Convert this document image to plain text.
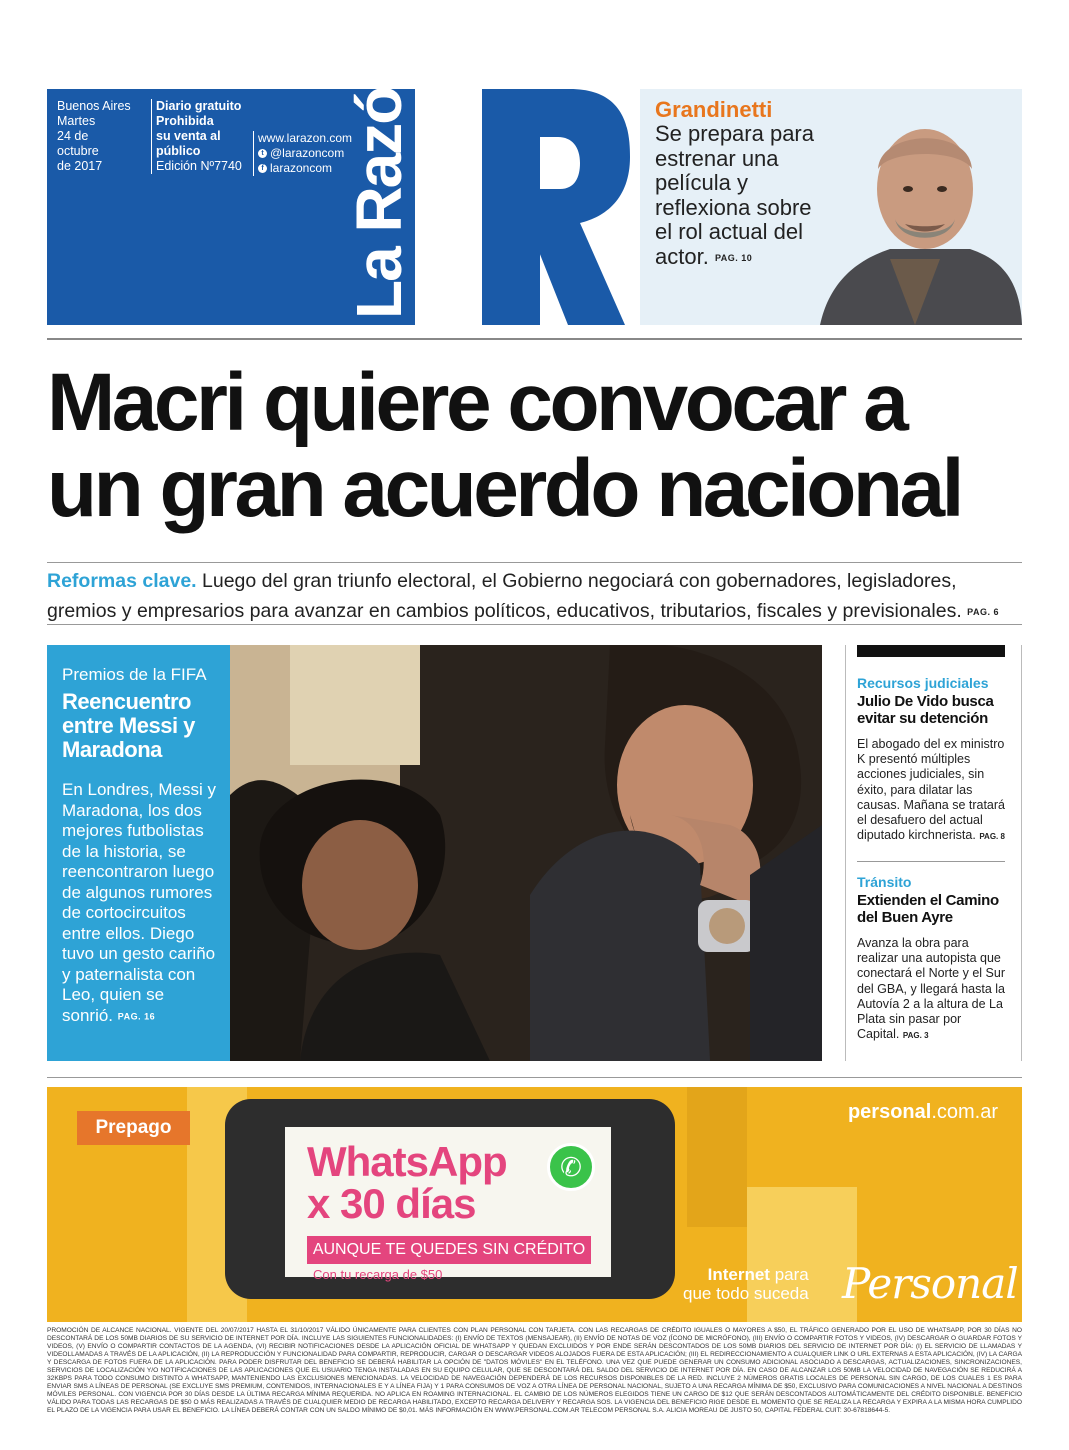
Buenos Aires
Martes
24 de
octubre
de 2017
Diario gratuito
Prohibida
su venta al
público
Edición Nº7740
www.larazon.com
t @larazoncom
f larazoncom La Razón	Grandinetti
Se prepara para estrenar una película y reflexiona sobre el rol actual del actor. PAG. 10
Macri quiere convocar a
un gran acuerdo nacional
Reformas clave. Luego del gran triunfo electoral, el Gobierno negociará con gobernadores, legisladores, gremios y empresarios para avanzar en cambios políticos, educativos, tributarios, fiscales y previsionales. PAG. 6
Premios de la FIFA
Reencuentro entre Messi y Maradona
En Londres, Messi y Maradona, los dos mejores futbolistas de la historia, se reencontraron luego de algunos rumores de cortocircuitos entre ellos. Diego tuvo un gesto cariño y paternalista con Leo, quien se sonrió. PAG. 16
Recursos judiciales
Julio De Vido busca evitar su detención
El abogado del ex ministro K presentó múltiples acciones judiciales, sin éxito, para dilatar las causas. Mañana se tratará el desafuero del actual diputado kirchnerista. PAG. 8
Tránsito
Extienden el Camino del Buen Ayre
Avanza la obra para realizar una autopista que conectará el Norte y el Sur del GBA, y llegará hasta la Autovía 2 a la altura de La Plata sin pasar por Capital. PAG. 3
Prepago
personal.com.ar
WhatsApp
x 30 días
✆
AUNQUE TE QUEDES SIN CRÉDITO
Con tu recarga de $50	Internet para
que todo suceda Personal
PROMOCIÓN DE ALCANCE NACIONAL. VIGENTE DEL 20/07/2017 HASTA EL 31/10/2017 VÁLIDO ÚNICAMENTE PARA CLIENTES CON PLAN PERSONAL CON TARJETA. CON LAS RECARGAS DE CRÉDITO IGUALES O MAYORES A $50, EL TRÁFICO GENERADO POR EL USO DE WHATSAPP, POR 30 DÍAS NO DESCONTARÁ DE LOS 50MB DIARIOS DE SU SERVICIO DE INTERNET POR DÍA. INCLUYE LAS SIGUIENTES FUNCIONALIDADES: (I) ENVÍO DE TEXTOS (MENSAJEAR), (II) ENVÍO DE NOTAS DE VOZ (ÍCONO DE MICRÓFONO), (III) ENVÍO O COMPARTIR FOTOS Y VIDEOS, (IV) DESCARGAR O GUARDAR FOTOS Y VIDEOS, (V) ENVÍO O COMPARTIR CONTACTOS DE LA AGENDA, (VI) RECIBIR NOTIFICACIONES DESDE LA APLICACIÓN OFICIAL DE WHATSAPP Y QUEDAN EXCLUIDOS Y POR ENDE SERÁN DESCONTADOS DE LOS 50MB DIARIOS DEL SERVICIO DE INTERNET POR DÍA: (I) EL SERVICIO DE LLAMADAS Y VIDEOLLAMADAS A TRAVÉS DE LA APLICACIÓN, (II) LA REPRODUCCIÓN Y FUNCIONALIDAD PARA COMPARTIR, REPRODUCIR, CARGAR O DESCARGAR VIDEOS ALOJADOS FUERA DE ESTA APLICACIÓN; (III) EL REDIRECCIONAMIENTO A CUALQUIER LINK O URL EXTERNAS A ESTA APLICACIÓN, (IV) LA CARGA Y DESCARGA DE FOTOS FUERA DE LA APLICACIÓN. PARA PODER DISFRUTAR DEL BENEFICIO SE DEBERÁ HABILITAR LA OPCIÓN DE "DATOS MÓVILES" EN EL TELÉFONO. UNA VEZ QUE PUEDE GENERAR UN CONSUMO ADICIONAL ASOCIADO A DESCARGAS, ACTUALIZACIONES, SINCRONIZACIONES, SERVICIOS DE LOCALIZACIÓN Y/O NOTIFICACIONES DE LAS APLICACIONES QUE EL USUARIO TENGA INSTALADAS EN SU EQUIPO CELULAR, QUE SE DESCONTARÁ DEL SALDO DEL SERVICIO DE INTERNET POR DÍA. EN CASO DE ALCANZAR LOS 50MB LA VELOCIDAD DE NAVEGACIÓN SE REDUCIRÁ A 32KBPS PARA TODO CONSUMO DISTINTO A WHATSAPP, MANTENIENDO LAS EXCLUSIONES MENCIONADAS. LA VELOCIDAD DE NAVEGACIÓN DEPENDERÁ DE LOS RECURSOS DISPONIBLES DE LA RED. INCLUYE 2 NÚMEROS GRATIS LOCALES DE PERSONAL SIN CARGO, DE LOS CUALES 1 ES PARA ENVIAR SMS A LÍNEAS DE PERSONAL (SE EXCLUYE SMS PREMIUM, CONTENIDOS, INTERNACIONALES E Y A LÍNEA FIJA) Y 1 PARA CONSUMOS DE VOZ A OTRA LÍNEA DE PERSONAL NACIONAL, SUJETO A UNA RECARGA MÍNIMA DE $50, EXCLUSIVO PARA COMUNICACIONES A NIVEL NACIONAL A DESTINOS MÓVILES PERSONAL. CON VIGENCIA POR 30 DÍAS DESDE LA ÚLTIMA RECARGA MÍNIMA REQUERIDA. NO APLICA EN ROAMING INTERNACIONAL. EL CAMBIO DE LOS NÚMEROS ELEGIDOS TIENE UN CARGO DE $12 QUE SERÁN DESCONTADOS AUTOMÁTICAMENTE DEL CRÉDITO DISPONIBLE. BENEFICIO VÁLIDO PARA TODAS LAS RECARGAS DE $50 O MÁS REALIZADAS A TRAVÉS DE CUALQUIER MEDIO DE RECARGA HABILITADO, EXCEPTO RECARGA DELIVERY Y RECARGA SOS. LA VIGENCIA DEL BENEFICIO RIGE DESDE EL MOMENTO QUE SE REALIZA LA RECARGA Y EXPIRA A LA MISMA HORA CUMPLIDO EL PLAZO DE LA VIGENCIA PARA USAR EL BENEFICIO. LA LÍNEA DEBERÁ CONTAR CON UN SALDO MÍNIMO DE $0,01. MÁS INFORMACIÓN EN WWW.PERSONAL.COM.AR TELECOM PERSONAL S.A. ALICIA MOREAU DE JUSTO 50, CAPITAL FEDERAL CUIT: 30-67818644-5.
